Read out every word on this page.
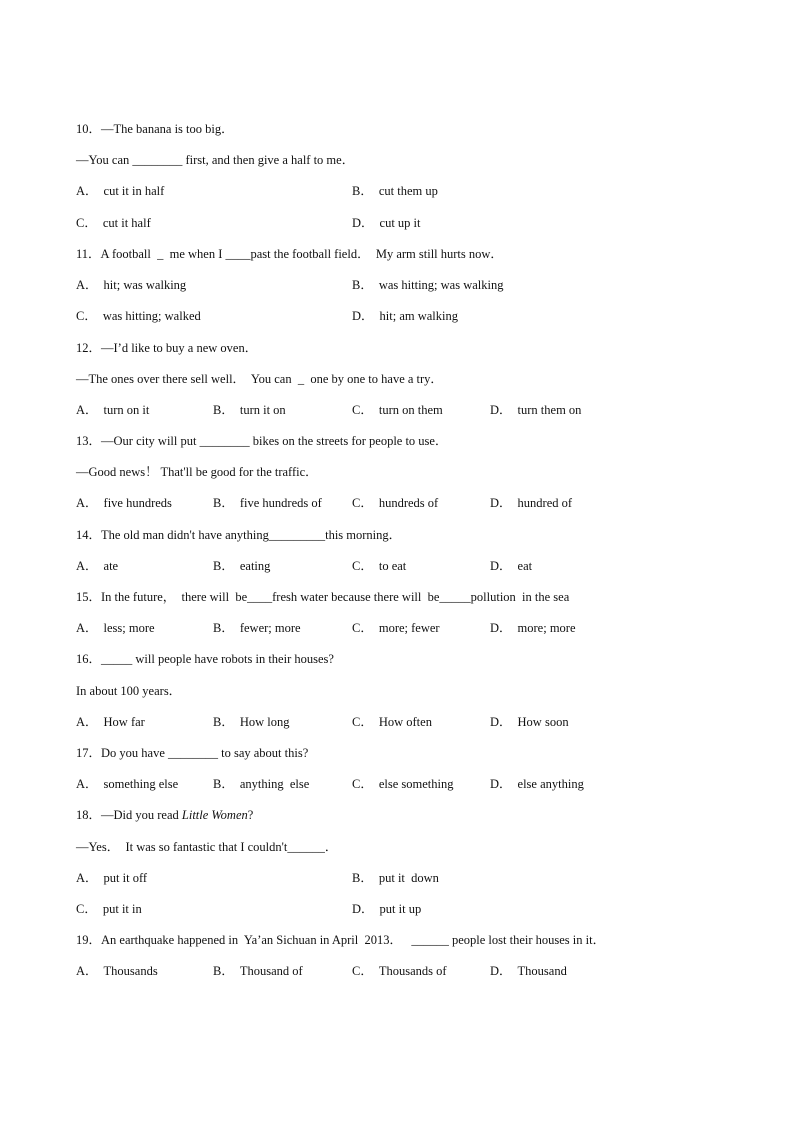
10．—The banana is too big．
—You can ________ first, and then give a half to me．
A． cut it in half	B． cut them up
C． cut it half	D． cut up it
11．A football  _  me when I ____past the football field．  My arm still hurts now．
A． hit; was walking	B． was hitting; was walking
C． was hitting; walked	D． hit; am walking
12．—I’d like to buy a new oven．
—The ones over there sell well．  You can  _  one by one to have a try．
A． turn on it	B． turn it on	C． turn on them	D． turn them on
13．—Our city will put ________ bikes on the streets for people to use．
—Good news！ That'll be good for the traffic．
A． five hundreds	B． five hundreds of C． hundreds of	D． hundred of
14．The old man didn't have anything_________this morning．
A． ate	B． eating	C． to eat	D． eat
15．In the future，  there will  be____fresh water because there will  be_____pollution  in the sea
A． less; more	B． fewer; more	C． more; fewer	D． more; more
16．_____ will people have robots in their houses?
In about 100 years．
A． How far	B． How long	C． How often	D． How soon
17．Do you have ________ to say about this?
A． something else	B． anything  else	C． else something	D． else anything
18．—Did you read Little Women?
—Yes．  It was so fantastic that I couldn't______．
A． put it off	B． put it  down
C． put it in	D． put it up
19．An earthquake happened in  Ya’an Sichuan in April  2013．   ______ people lost their houses in it．
A． Thousands	B． Thousand of	C． Thousands of	D． Thousand
